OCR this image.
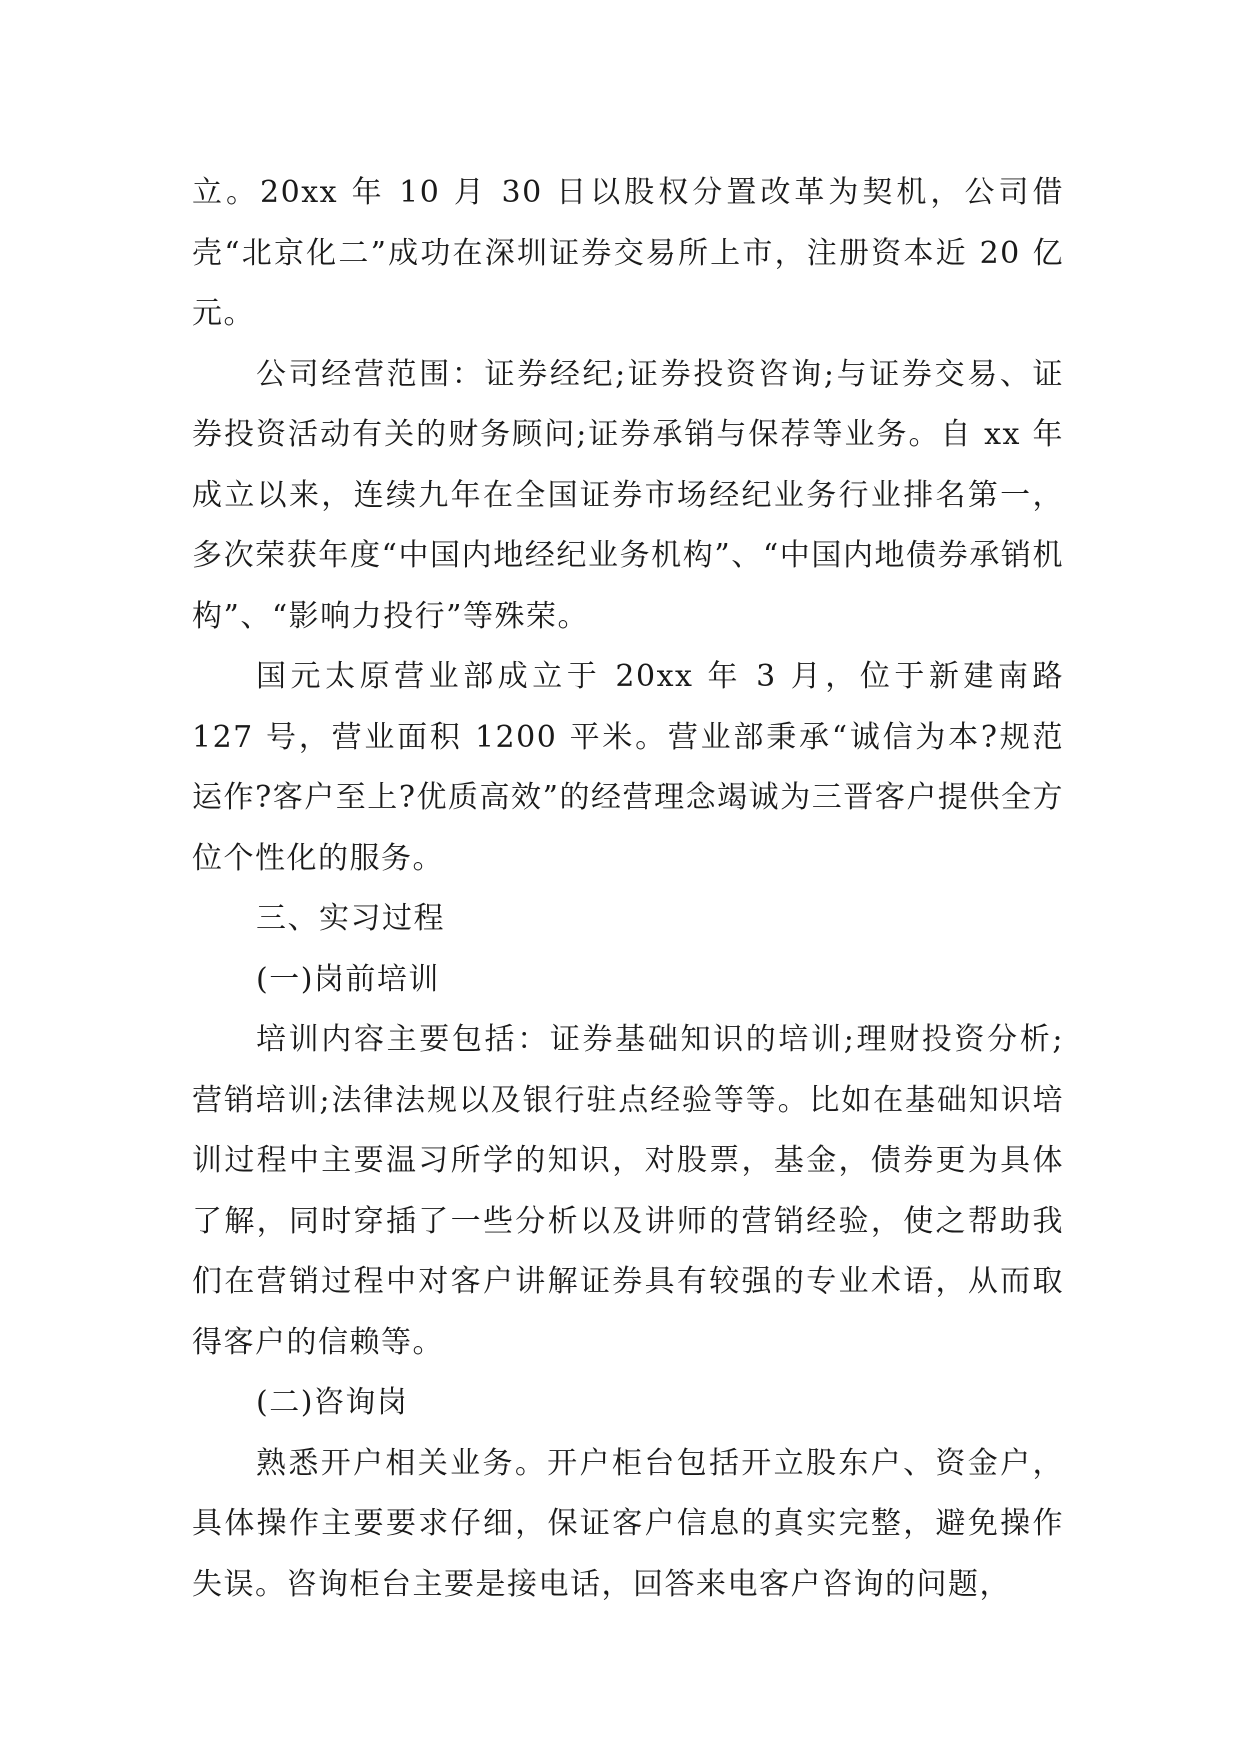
立。20xx 年 10 月 30 日以股权分置改革为契机，公司借壳“北京化二”成功在深圳证券交易所上市，注册资本近 20 亿元。

公司经营范围：证券经纪;证券投资咨询;与证券交易、证券投资活动有关的财务顾问;证券承销与保荐等业务。自 xx 年成立以来，连续九年在全国证券市场经纪业务行业排名第一，多次荣获年度“中国内地经纪业务机构”、“中国内地债券承销机构”、“影响力投行”等殊荣。

国元太原营业部成立于 20xx 年 3 月，位于新建南路 127 号，营业面积 1200 平米。营业部秉承“诚信为本?规范运作?客户至上?优质高效”的经营理念竭诚为三晋客户提供全方位个性化的服务。

三、实习过程

(一)岗前培训

培训内容主要包括：证券基础知识的培训;理财投资分析;营销培训;法律法规以及银行驻点经验等等。比如在基础知识培训过程中主要温习所学的知识，对股票，基金，债券更为具体了解，同时穿插了一些分析以及讲师的营销经验，使之帮助我们在营销过程中对客户讲解证券具有较强的专业术语，从而取得客户的信赖等。

(二)咨询岗

熟悉开户相关业务。开户柜台包括开立股东户、资金户，具体操作主要要求仔细，保证客户信息的真实完整，避免操作失误。咨询柜台主要是接电话，回答来电客户咨询的问题，
